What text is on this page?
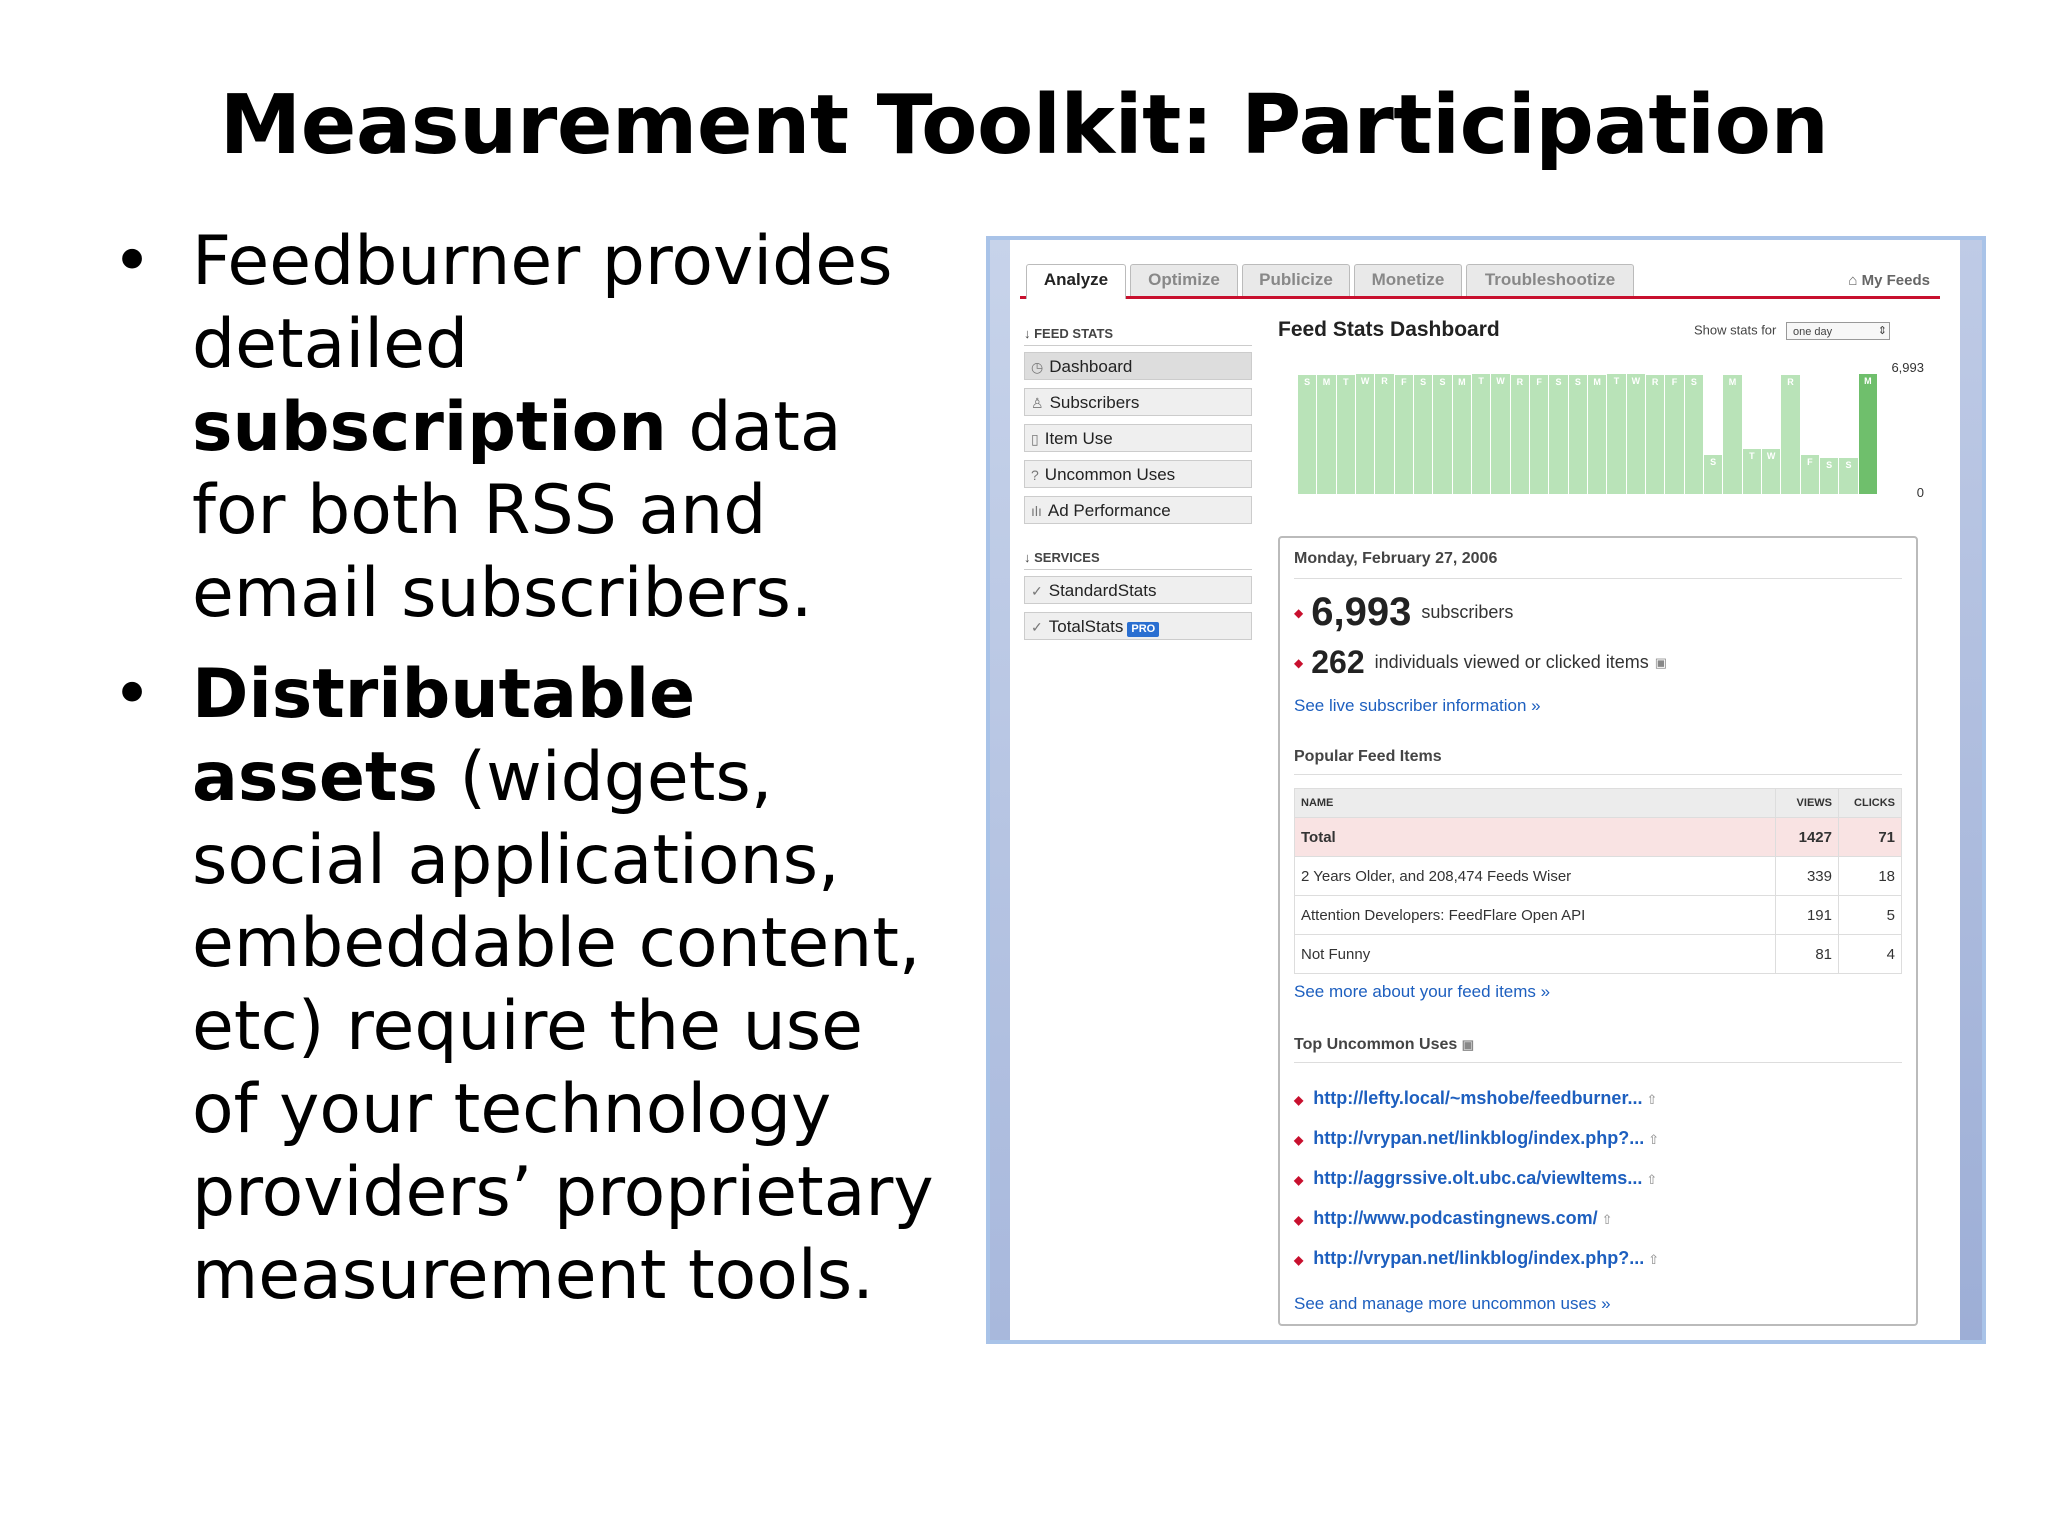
Measurement Toolkit: Participation
• Feedburner provides detailed subscription data for both RSS and email subscribers.
• Distributable assets (widgets, social applications, embeddable content, etc) require the use of your technology providers’ proprietary measurement tools.
Analyze	Optimize	Publicize	Monetize	Troubleshootize	⌂ My Feeds
↓ FEED STATS
◷ Dashboard
♙ Subscribers
▯ Item Use
? Uncommon Uses
ılı Ad Performance
↓ SERVICES
✓ StandardStats
✓ TotalStats PRO
Feed Stats Dashboard	Show stats for one day	⇕
6,993
0
S	M	T	W	R	F	S	S	M	T	W	R	F	S	S	M	T	W	R	F	S
S
M
T	W
R
F	S	S
M
Monday, February 27, 2006
◆ 6,993 subscribers
◆ 262 individuals viewed or clicked items ▣
See live subscriber information »
Popular Feed Items
NAME	VIEWS	CLICKS
Total	1427	71
2 Years Older, and 208,474 Feeds Wiser	339	18
Attention Developers: FeedFlare Open API	191	5
Not Funny	81	4
See more about your feed items »
Top Uncommon Uses ▣
◆ http://lefty.local/~mshobe/feedburner... ⇧
◆ http://vrypan.net/linkblog/index.php?... ⇧
◆ http://aggrssive.olt.ubc.ca/viewItems... ⇧
◆ http://www.podcastingnews.com/ ⇧
◆ http://vrypan.net/linkblog/index.php?... ⇧
See and manage more uncommon uses »
